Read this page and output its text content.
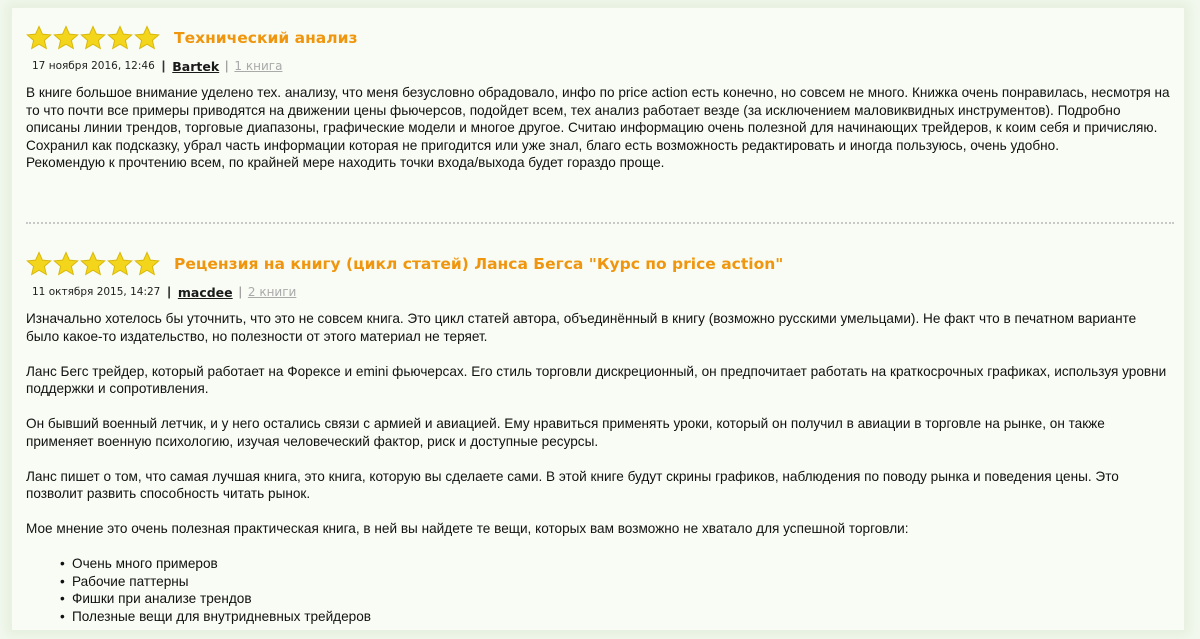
Технический анализ
17 ноября 2016, 12:46 | Bartek | 1 книга

В книге большое внимание уделено тех. анализу, что меня безусловно обрадовало, инфо по price action есть конечно, но совсем не много. Книжка очень понравилась, несмотря на то что почти все примеры приводятся на движении цены фьючерсов, подойдет всем, тех анализ работает везде (за исключением маловиквидных инструментов). Подробно описаны линии трендов, торговые диапазоны, графические модели и многое другое. Считаю информацию очень полезной для начинающих трейдеров, к коим себя и причисляю.

Сохранил как подсказку, убрал часть информации которая не пригодится или уже знал, благо есть возможность редактировать и иногда пользуюсь, очень удобно.

Рекомендую к прочтению всем, по крайней мере находить точки входа/выхода будет гораздо проще.

Рецензия на книгу (цикл статей) Ланса Бегса "Курс по price action"
11 октября 2015, 14:27 | macdee | 2 книги

Изначально хотелось бы уточнить, что это не совсем книга. Это цикл статей автора, объединённый в книгу (возможно русскими умельцами). Не факт что в печатном варианте было какое-то издательство, но полезности от этого материал не теряет.

Ланс Бегс трейдер, который работает на Форексе и emini фьючерсах. Его стиль торговли дискреционный, он предпочитает работать на краткосрочных графиках, используя уровни поддержки и сопротивления.

Он бывший военный летчик, и у него остались связи с армией и авиацией. Ему нравиться применять уроки, который он получил в авиации в торговле на рынке, он также применяет военную психологию, изучая человеческий фактор, риск и доступные ресурсы.

Ланс пишет о том, что самая лучшая книга, это книга, которую вы сделаете сами. В этой книге будут скрины графиков, наблюдения по поводу рынка и поведения цены. Это позволит развить способность читать рынок.

Мое мнение это очень полезная практическая книга, в ней вы найдете те вещи, которых вам возможно не хватало для успешной торговли:

• Очень много примеров
• Рабочие паттерны
• Фишки при анализе трендов
• Полезные вещи для внутридневных трейдеров
